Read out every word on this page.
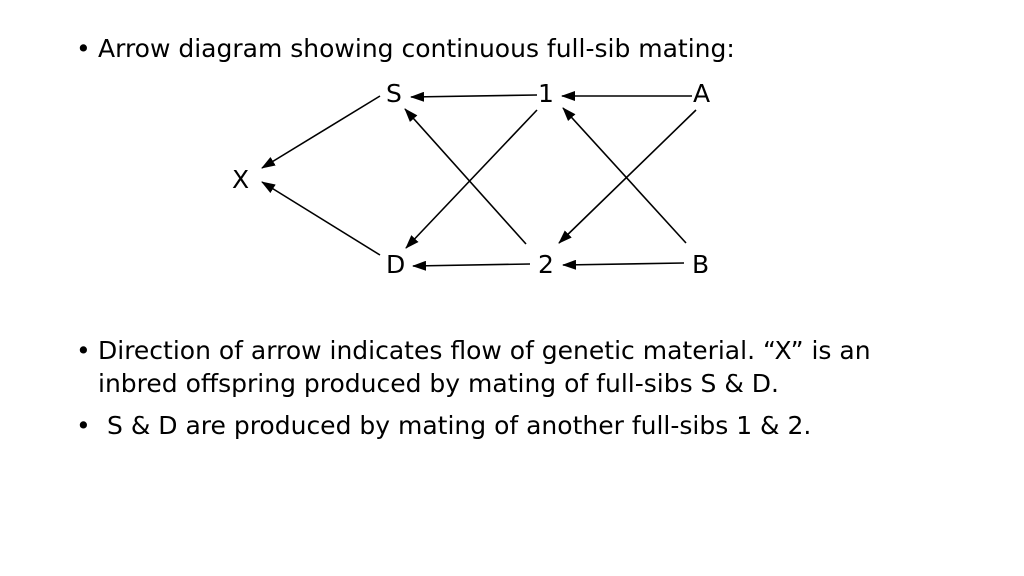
• Arrow diagram showing continuous full-sib mating:
S	1	A
X
D	2	B
• Direction of arrow indicates flow of genetic material. “X” is an inbred offspring produced by mating of full-sibs S & D.
• S & D are produced by mating of another full-sibs 1 & 2.
